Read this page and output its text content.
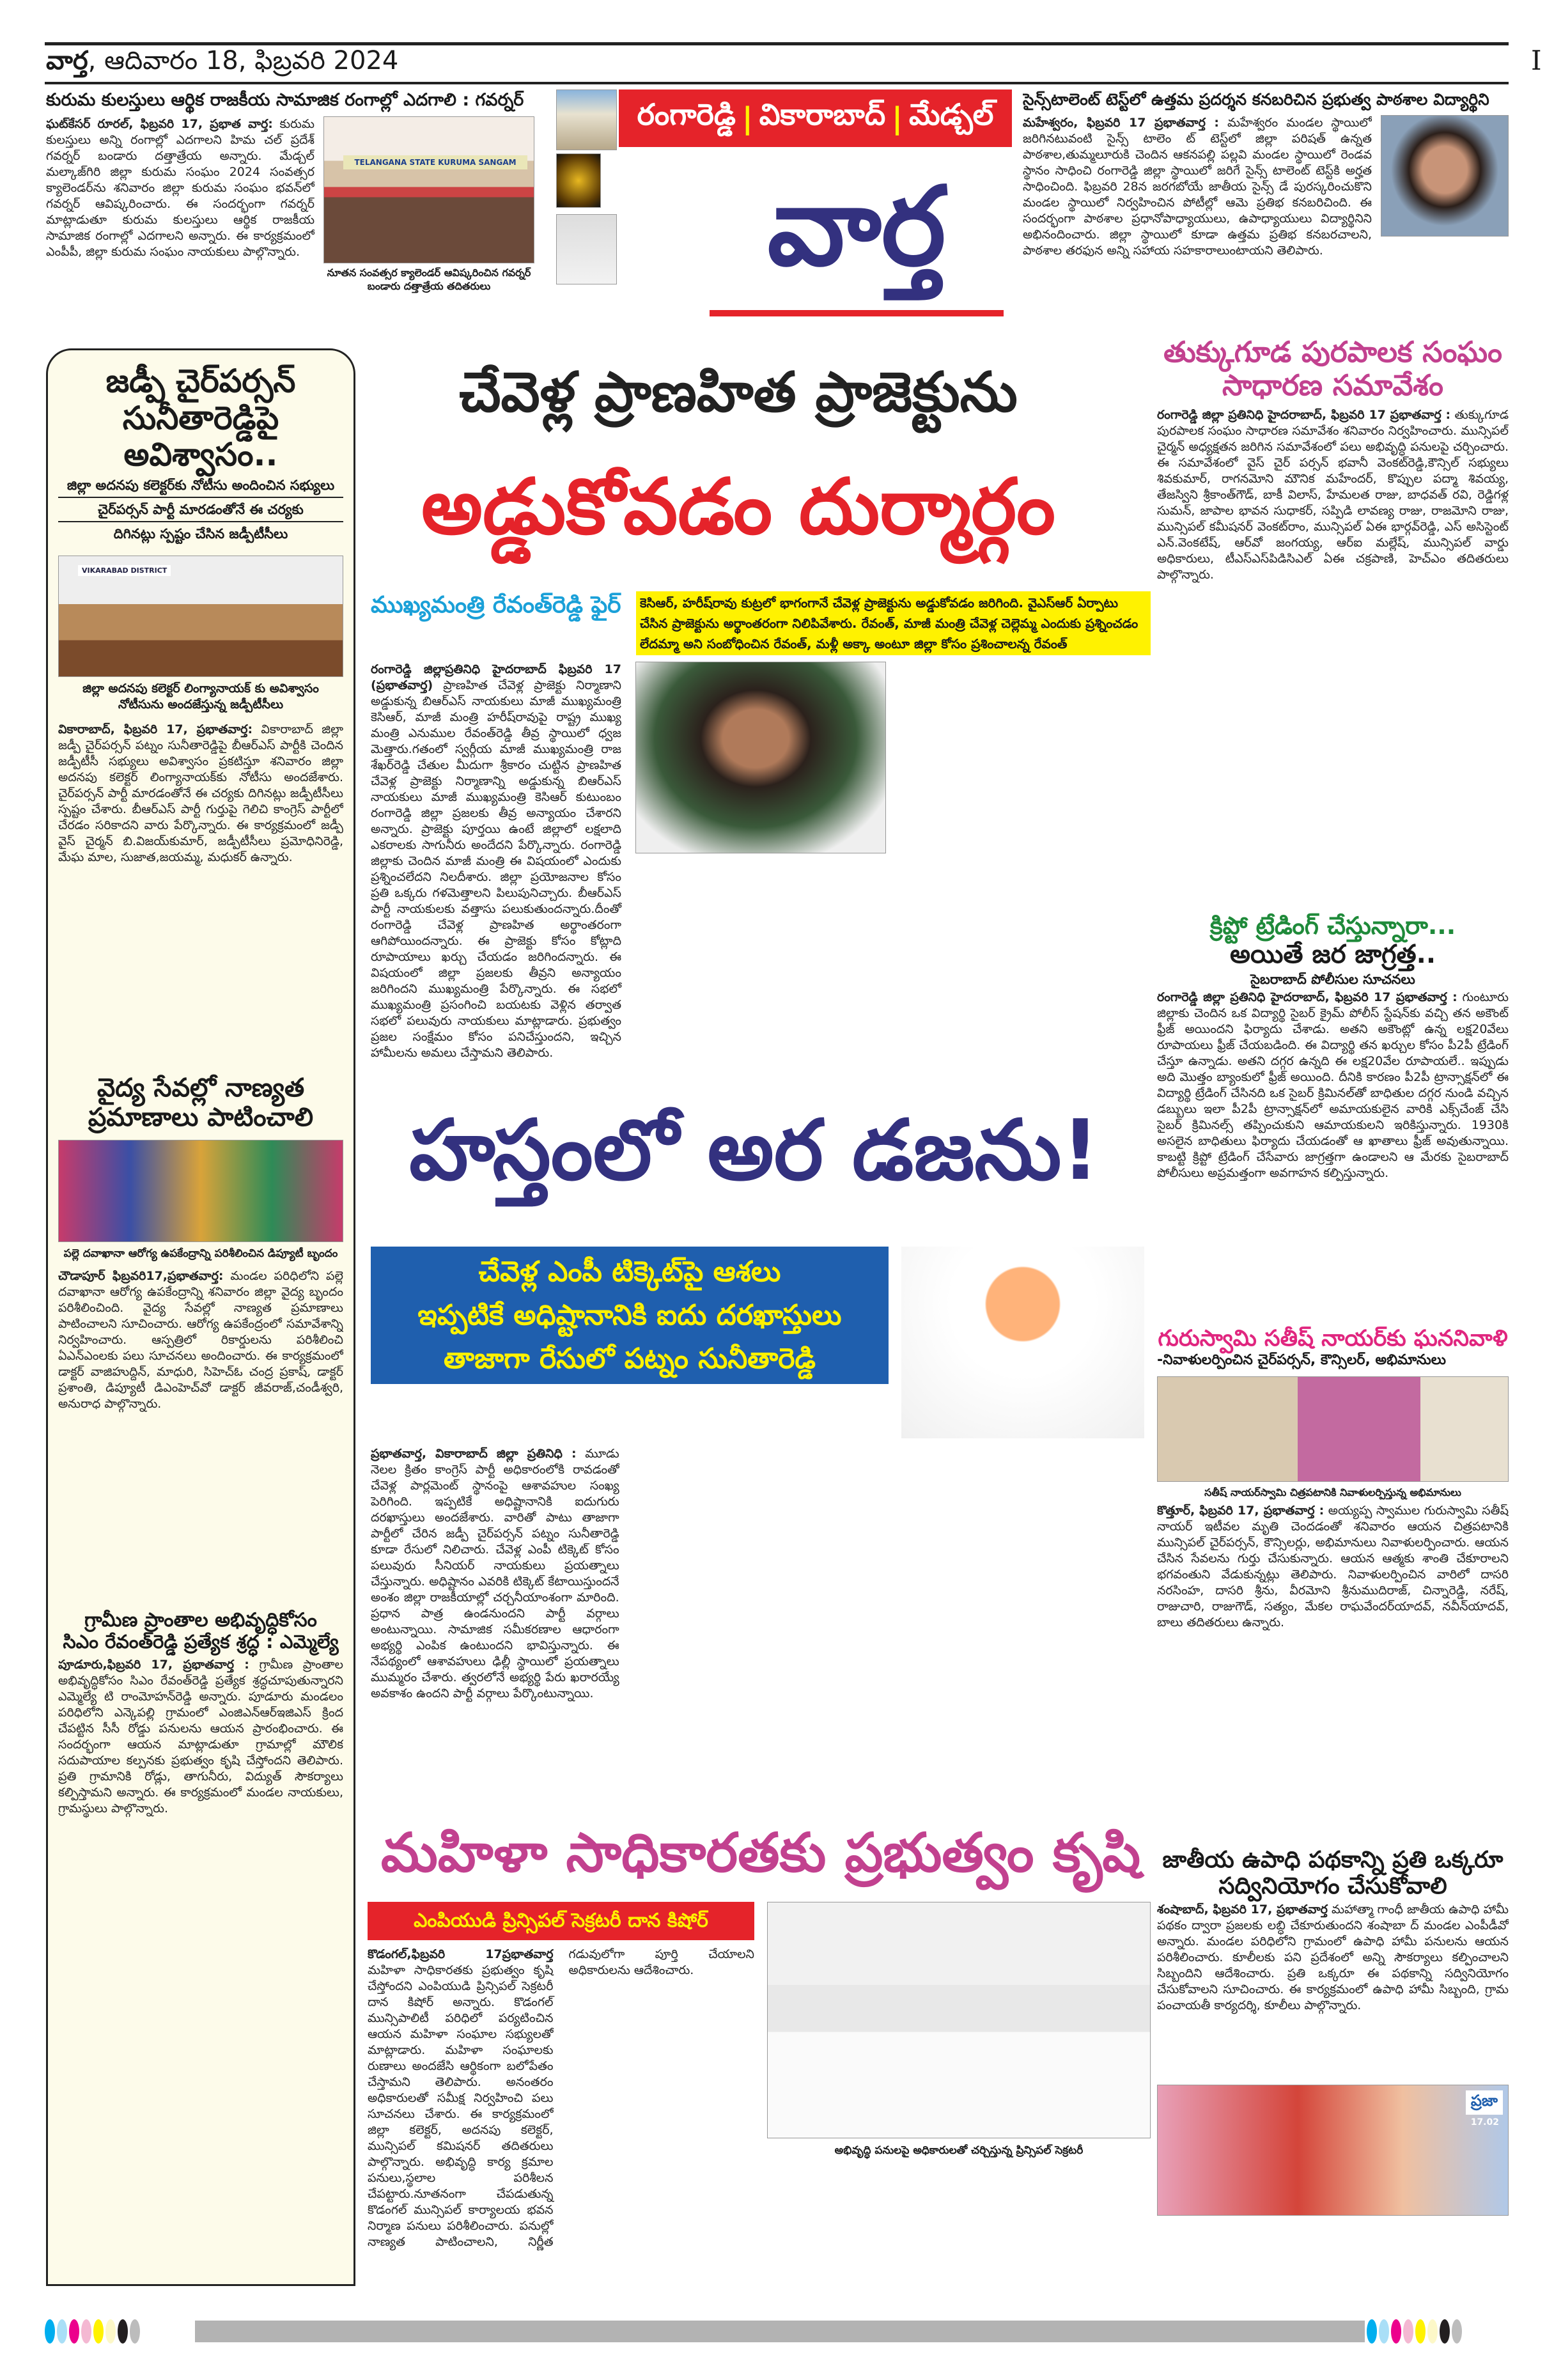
వార్త, ఆదివారం 18, ఫిబ్రవరి 2024	I
కురుమ కులస్తులు ఆర్థిక రాజకీయ సామాజిక రంగాల్లో ఎదగాలి : గవర్నర్
ఘట్‌కేసర్ రూరల్, ఫిబ్రవరి 17, ప్రభాత వార్త: కురుమ కులస్తులు అన్ని రంగాల్లో ఎదగాలని హిమ చల్ ప్రదేశ్ గవర్నర్ బండారు దత్తాత్రేయ అన్నారు. మేడ్చల్ మల్కాజ్‌గిరి జిల్లా కురుమ సంఘం 2024 సంవత్సర క్యాలెండర్‌ను శనివారం జిల్లా కురుమ సంఘం భవన్‌లో గవర్నర్ ఆవిష్కరించారు. ఈ సందర్భంగా గవర్నర్ మాట్లాడుతూ కురుమ కులస్తులు ఆర్థిక రాజకీయ సామాజిక రంగాల్లో ఎదగాలని అన్నారు. ఈ కార్యక్రమంలో ఎంపీపీ, జిల్లా కురుమ సంఘం నాయకులు పాల్గొన్నారు.
TELANGANA STATE KURUMA SANGAM
నూతన సంవత్సర క్యాలెండర్ ఆవిష్కరించిన గవర్నర్ బండారు దత్తాత్రేయ తదితరులు
రంగారెడ్డి | వికారాబాద్ | మేడ్చల్
వార్త
సైన్స్‌టాలెంట్ టెస్ట్‌లో ఉత్తమ ప్రదర్శన కనబరిచిన ప్రభుత్వ పాఠశాల విద్యార్థిని
మహేశ్వరం, ఫిబ్రవరి 17 ప్రభాతవార్త : మహేశ్వరం మండల స్థాయిలో జరిగినటువంటి సైన్స్ టాలెం ట్ టెస్ట్‌లో జిల్లా పరిషత్ ఉన్నత పాఠశాల,తుమ్మలూరుకి చెందిన ఆకనపల్లి పల్లవి మండల స్థాయిలో రెండవ స్థానం సాధించి రంగారెడ్డి జిల్లా స్థాయిలో జరిగే సైన్స్ టాలెంట్ టెస్ట్‌కి అర్హత సాధించింది. ఫిబ్రవరి 28న జరగబోయే జాతీయ సైన్స్ డే పురస్కరించుకొని మండల స్థాయిలో నిర్వహించిన పోటీల్లో ఆమె ప్రతిభ కనబరిచింది. ఈ సందర్భంగా పాఠశాల ప్రధానోపాధ్యాయులు, ఉపాధ్యాయులు విద్యార్థినిని అభినందించారు. జిల్లా స్థాయిలో కూడా ఉత్తమ ప్రతిభ కనబరచాలని, పాఠశాల తరఫున అన్ని సహాయ సహకారాలుంటాయని తెలిపారు.
జడ్పీ చైర్‌పర్సన్ సునీతారెడ్డిపై అవిశ్వాసం..
జిల్లా అదనపు కలెక్టర్‌కు నోటీసు అందించిన సభ్యులు
చైర్‌పర్సన్ పార్టీ మారడంతోనే ఈ చర్యకు
దిగినట్లు స్పష్టం చేసిన జడ్పీటీసీలు
VIKARABAD DISTRICT
జిల్లా అదనపు కలెక్టర్ లింగ్యానాయక్ కు అవిశ్వాసం నోటీసును అందజేస్తున్న జడ్పీటీసీలు
వికారాబాద్, ఫిబ్రవరి 17, ప్రభాతవార్త: వికారాబాద్ జిల్లా జడ్పీ చైర్‌పర్సన్ పట్నం సునీతారెడ్డిపై బీఆర్ఎస్ పార్టీకి చెందిన జడ్పీటీసీ సభ్యులు అవిశ్వాసం ప్రకటిస్తూ శనివారం జిల్లా అదనపు కలెక్టర్ లింగ్యానాయక్‌కు నోటీసు అందజేశారు. చైర్‌పర్సన్ పార్టీ మారడంతోనే ఈ చర్యకు దిగినట్లు జడ్పీటీసీలు స్పష్టం చేశారు. బీఆర్ఎస్ పార్టీ గుర్తుపై గెలిచి కాంగ్రెస్ పార్టీలో చేరడం సరికాదని వారు పేర్కొన్నారు. ఈ కార్యక్రమంలో జడ్పీ వైస్ చైర్మన్ బి.విజయ్‌కుమార్, జడ్పీటీసీలు ప్రమోధినిరెడ్డి, మేఘ మాల, సుజాత,జయమ్మ, మధుకర్ ఉన్నారు.
వైద్య సేవల్లో నాణ్యత ప్రమాణాలు పాటించాలి
పల్లె దవాఖానా ఆరోగ్య ఉపకేంద్రాన్ని పరిశీలించిన డిప్యూటీ బృందం
చౌడాపూర్ ఫిబ్రవరి17,ప్రభాతవార్త: మండల పరిధిలోని పల్లె దవాఖానా ఆరోగ్య ఉపకేంద్రాన్ని శనివారం జిల్లా వైద్య బృందం పరిశీలించింది. వైద్య సేవల్లో నాణ్యత ప్రమాణాలు పాటించాలని సూచించారు. ఆరోగ్య ఉపకేంద్రంలో సమావేశాన్ని నిర్వహించారు. ఆస్పత్రిలో రికార్డులను పరిశీలించి ఏఎన్ఎంలకు పలు సూచనలు అందించారు. ఈ కార్యక్రమంలో డాక్టర్ వాజిహుద్దిన్, మాధురి, సిహెచ్ఓ చంద్ర ప్రకాష్, డాక్టర్ ప్రశాంతి, డిప్యూటీ డిఎంహెచ్‌వో డాక్టర్ జీవరాజ్,చండీశ్వరి, అనురాధ పాల్గొన్నారు.
గ్రామీణ ప్రాంతాల అభివృద్ధికోసం
సిఎం రేవంత్‌రెడ్డి ప్రత్యేక శ్రద్ధ : ఎమ్మెల్యే
పూడూరు,ఫిబ్రవరి 17, ప్రభాతవార్త : గ్రామీణ ప్రాంతాల అభివృద్ధికోసం సిఎం రేవంత్‌రెడ్డి ప్రత్యేక శ్రద్ధచూపుతున్నారని ఎమ్మెల్యే టి రాంమోహన్‌రెడ్డి అన్నారు. పూడూరు మండలం పరిధిలోని ఎన్కెపల్లి గ్రామంలో ఎంజిఎన్ఆర్ఇజిఎస్ క్రింద చేపట్టిన సీసీ రోడ్డు పనులను ఆయన ప్రారంభించారు. ఈ సందర్భంగా ఆయన మాట్లాడుతూ గ్రామాల్లో మౌలిక సదుపాయాల కల్పనకు ప్రభుత్వం కృషి చేస్తోందని తెలిపారు. ప్రతి గ్రామానికి రోడ్లు, తాగునీరు, విద్యుత్ సౌకర్యాలు కల్పిస్తామని అన్నారు. ఈ కార్యక్రమంలో మండల నాయకులు, గ్రామస్థులు పాల్గొన్నారు.
చేవెళ్ల ప్రాణహిత ప్రాజెక్టును
అడ్డుకోవడం దుర్మార్గం
ముఖ్యమంత్రి రేవంత్‌రెడ్డి ఫైర్	కెసిఆర్, హరీష్‌రావు కుట్రలో భాగంగానే చేవెళ్ల ప్రాజెక్టును అడ్డుకోవడం జరిగింది. వైఎస్ఆర్ ఏర్పాటు చేసిన ప్రాజెక్టును అర్థాంతరంగా నిలిపివేశారు. రేవంత్, మాజీ మంత్రి చేవెళ్ల చెల్లెమ్మ ఎందుకు ప్రశ్నించడం లేదమ్మా అని సంబోధించిన రేవంత్, మళ్లీ అక్కా అంటూ జిల్లా కోసం ప్రశించాలన్న రేవంత్
రంగారెడ్డి జిల్లాప్రతినిధి హైదరాబాద్ ఫిబ్రవరి 17 (ప్రభాతవార్త) ప్రాణహిత చేవెళ్ల ప్రాజెక్టు నిర్మాణాని అడ్డుకున్న బిఆర్ఎస్ నాయకులు మాజీ ముఖ్యమంత్రి కెసిఆర్, మాజీ మంత్రి హరీష్‌రావుపై రాష్ట్ర ముఖ్య మంత్రి ఎనుముల రేవంత్‌రెడ్డి తీవ్ర స్థాయిలో ధ్వజ మెత్తారు.గతంలో స్వర్గీయ మాజీ ముఖ్యమంత్రి రాజ శేఖర్‌రెడ్డి చేతుల మీదుగా శ్రీకారం చుట్టిన ప్రాణహిత చేవెళ్ల ప్రాజెక్టు నిర్మాణాన్ని అడ్డుకున్న బిఆర్ఎస్ నాయకులు మాజీ ముఖ్యమంత్రి కెసిఆర్ కుటుంబం రంగారెడ్డి జిల్లా ప్రజలకు తీవ్ర అన్యాయం చేశారని అన్నారు. ప్రాజెక్టు పూర్తయి ఉంటే జిల్లాలో లక్షలాది ఎకరాలకు సాగునీరు అందేదని పేర్కొన్నారు. రంగారెడ్డి జిల్లాకు చెందిన మాజీ మంత్రి ఈ విషయంలో ఎందుకు ప్రశ్నించలేదని నిలదీశారు. జిల్లా ప్రయోజనాల కోసం ప్రతి ఒక్కరు గళమెత్తాలని పిలుపునిచ్చారు. బీఆర్ఎస్ పార్టీ నాయకులకు వత్తాసు పలుకుతుందన్నారు.దీంతో రంగారెడ్డి చేవెళ్ల ప్రాణహిత అర్థాంతరంగా ఆగిపోయిందన్నారు. ఈ ప్రాజెక్టు కోసం కోట్లాది రూపాయాలు ఖర్చు చేయడం జరిగిందన్నారు. ఈ విషయంలో జిల్లా ప్రజలకు తీవ్రని అన్యాయం జరిగిందని ముఖ్యమంత్రి పేర్కొన్నారు. ఈ సభలో ముఖ్యమంత్రి ప్రసంగించి బయటకు వెళ్లిన తర్వాత సభలో పలువురు నాయకులు మాట్లాడారు. ప్రభుత్వం ప్రజల సంక్షేమం కోసం పనిచేస్తుందని, ఇచ్చిన హామీలను అమలు చేస్తామని తెలిపారు.
హస్తంలో అర డజను!
చేవెళ్ల ఎంపీ టిక్కెట్‌పై ఆశలు
ఇప్పటికే అధిష్టానానికి ఐదు దరఖాస్తులు
తాజాగా రేసులో పట్నం సునీతారెడ్డి
ప్రభాతవార్త, వికారాబాద్ జిల్లా ప్రతినిధి : మూడు నెలల క్రితం కాంగ్రెస్ పార్టీ అధికారంలోకి రావడంతో చేవెళ్ల పార్లమెంట్ స్థానంపై ఆశావహుల సంఖ్య పెరిగింది. ఇప్పటికే అధిష్టానానికి ఐదుగురు దరఖాస్తులు అందజేశారు. వారితో పాటు తాజాగా పార్టీలో చేరిన జడ్పీ చైర్‌పర్సన్ పట్నం సునీతారెడ్డి కూడా రేసులో నిలిచారు. చేవెళ్ల ఎంపీ టిక్కెట్ కోసం పలువురు సీనియర్ నాయకులు ప్రయత్నాలు చేస్తున్నారు. అధిష్టానం ఎవరికి టిక్కెట్ కేటాయిస్తుందనే అంశం జిల్లా రాజకీయాల్లో చర్చనీయాంశంగా మారింది. ప్రధాన పాత్ర ఉండనుందని పార్టీ వర్గాలు అంటున్నాయి. సామాజిక సమీకరణాల ఆధారంగా అభ్యర్థి ఎంపిక ఉంటుందని భావిస్తున్నారు. ఈ నేపథ్యంలో ఆశావహులు ఢిల్లీ స్థాయిలో ప్రయత్నాలు ముమ్మరం చేశారు. త్వరలోనే అభ్యర్థి పేరు ఖరారయ్యే అవకాశం ఉందని పార్టీ వర్గాలు పేర్కొంటున్నాయి.
మహిళా సాధికారతకు ప్రభుత్వం కృషి
ఎంపియుడి ప్రిన్సిపల్ సెక్రటరీ దాన కిషోర్
అభివృద్ధి పనులపై అధికారులతో చర్చిస్తున్న ప్రిన్సిపల్ సెక్రటరీ
కొడంగల్,ఫిబ్రవరి 17ప్రభాతవార్త మహిళా సాధికారతకు ప్రభుత్వం కృషి చేస్తోందని ఎంపియుడి ప్రిన్సిపల్ సెక్రటరీ దాన కిషోర్ అన్నారు. కొడంగల్ మున్సిపాలిటీ పరిధిలో పర్యటించిన ఆయన మహిళా సంఘాల సభ్యులతో మాట్లాడారు. మహిళా సంఘాలకు రుణాలు అందజేసి ఆర్థికంగా బలోపేతం చేస్తామని తెలిపారు. అనంతరం అధికారులతో సమీక్ష నిర్వహించి పలు సూచనలు చేశారు. ఈ కార్యక్రమంలో జిల్లా కలెక్టర్, అదనపు కలెక్టర్, మున్సిపల్ కమిషనర్ తదితరులు పాల్గొన్నారు. అభివృద్ధి కార్య క్రమాల పనులు,స్థలాల పరిశీలన చేపట్టారు.నూతనంగా చేపడుతున్న కొడంగల్ మున్సిపల్ కార్యాలయ భవన నిర్మాణ పనులు పరిశీలించారు. పనుల్లో నాణ్యత పాటించాలని, నిర్ణీత గడువులోగా పూర్తి చేయాలని అధికారులను ఆదేశించారు.
తుక్కుగూడ పురపాలక సంఘం సాధారణ సమావేశం
రంగారెడ్డి జిల్లా ప్రతినిధి హైదరాబాద్, ఫిబ్రవరి 17 ప్రభాతవార్త : తుక్కుగూడ పురపాలక సంఘం సాధారణ సమావేశం శనివారం నిర్వహించారు. మున్సిపల్ చైర్మన్ అధ్యక్షతన జరిగిన సమావేశంలో పలు అభివృద్ధి పనులపై చర్చించారు. ఈ సమావేశంలో వైస్ చైర్ పర్సన్ భవానీ వెంకట్‌రెడ్డి,కౌన్సిల్ సభ్యులు శివకుమార్, రాగనమోని మౌనిక మహేందర్, కొప్పుల పద్మా శివయ్య, తేజస్విని శ్రీకాంత్‌గౌడ్, బాకీ విలాస్, హేమలత రాజు, బాధవత్ రవి, రెడ్డిగళ్ల సుమన్, జాపాల భావన సుధాకర్, సప్పిడి లావణ్య రాజు, రాజమోని రాజు, మున్సిపల్ కమీషనర్ వెంకట్‌రాం, మున్సిపల్ ఏఈ భార్గవ్‌రెడ్డి, ఎస్ అసిస్టెంట్ ఎన్.వెంకటేష్, ఆర్‌వో జంగయ్య, ఆర్ఐ మల్లేష్, మున్సిపల్ వార్డు అధికారులు, టీఎస్ఎస్‌పిడిసిఎల్ ఏఈ చక్రపాణి, హెచ్ఎం తదితరులు పాల్గొన్నారు.
క్రిప్టో ట్రేడింగ్ చేస్తున్నారా...
అయితే జర జాగ్రత్త..
సైబరాబాద్ పోలీసుల సూచనలు
రంగారెడ్డి జిల్లా ప్రతినిధి హైదరాబాద్, ఫిబ్రవరి 17 ప్రభాతవార్త : గుంటూరు జిల్లాకు చెందిన ఒక విద్యార్థి సైబర్ క్రైమ్ పోలీస్ స్టేషన్‌కు వచ్చి తన అకౌంట్ ఫ్రీజ్ అయిందని ఫిర్యాదు చేశాడు. అతని అకౌంట్లో ఉన్న లక్ష20వేలు రూపాయలు ఫ్రీజ్ చేయబడింది. ఈ విద్యార్థి తన ఖర్చుల కోసం పీ2పీ ట్రేడింగ్ చేస్తూ ఉన్నాడు. అతని దగ్గర ఉన్నది ఈ లక్ష20వేల రూపాయలే.. ఇప్పుడు అది మొత్తం బ్యాంకులో ఫ్రీజ్ అయింది. దీనికి కారణం పీ2పీ ట్రాన్సాక్షన్‌లో ఈ విద్యార్థి ట్రేడింగ్ చేసినది ఒక సైబర్ క్రిమినల్‌తో బాధితుల దగ్గర నుండి వచ్చిన డబ్బులు ఇలా పీ2పీ ట్రాన్సాక్షన్‌లో అమాయకులైన వారికి ఎక్స్‌చేంజ్ చేసి సైబర్ క్రిమినల్స్ తప్పించుకుని ఆమాయకులని ఇరికిస్తున్నారు. 1930కి అసలైన బాధితులు ఫిర్యాదు చేయడంతో ఆ ఖాతాలు ఫ్రీజ్ అవుతున్నాయి. కాబట్టి క్రిప్టో ట్రేడింగ్ చేసేవారు జాగ్రత్తగా ఉండాలని ఆ మేరకు సైబరాబాద్ పోలీసులు అప్రమత్తంగా అవగాహన కల్పిస్తున్నారు.
గురుస్వామి సతీష్ నాయర్‌కు ఘననివాళి
-నివాళులర్పించిన చైర్‌పర్సన్, కౌన్సిలర్, అభిమానులు
సతీష్ నాయర్‌స్వామి చిత్రపటానికి నివాళులర్పిస్తున్న అభిమానులు
కొత్తూర్, ఫిబ్రవరి 17, ప్రభాతవార్త : అయ్యప్ప స్వాముల గురుస్వామి సతీష్ నాయర్ ఇటీవల మృతి చెందడంతో శనివారం ఆయన చిత్రపటానికి మున్సిపల్ చైర్‌పర్సన్, కౌన్సిలర్లు, అభిమానులు నివాళులర్పించారు. ఆయన చేసిన సేవలను గుర్తు చేసుకున్నారు. ఆయన ఆత్మకు శాంతి చేకూరాలని భగవంతుని వేడుకున్నట్లు తెలిపారు. నివాళులర్పించిన వారిలో దాసరి నరసింహ, దాసరి శ్రీను, వీరమోని శ్రీనుముదిరాజ్, చిన్నారెడ్డి, నరేష్, రాజుచారి, రాజుగౌడ్, సత్యం, మేకల రాఘవేందర్‌యాదవ్, నవీన్‌యాదవ్, బాలు తదితరులు ఉన్నారు.
జాతీయ ఉపాధి పథకాన్ని ప్రతి ఒక్కరూ సద్వినియోగం చేసుకోవాలి
శంషాబాద్, ఫిబ్రవరి 17, ప్రభాతవార్త మహాత్మా గాంధీ జాతీయ ఉపాధి హామీ పథకం ద్వారా ప్రజలకు లబ్ధి చేకూరుతుందని శంషాబా ద్ మండల ఎంపీడీవో అన్నారు. మండల పరిధిలోని గ్రామంలో ఉపాధి హామీ పనులను ఆయన పరిశీలించారు. కూలీలకు పని ప్రదేశంలో అన్ని సౌకర్యాలు కల్పించాలని సిబ్బందిని ఆదేశించారు. ప్రతి ఒక్కరూ ఈ పథకాన్ని సద్వినియోగం చేసుకోవాలని సూచించారు. ఈ కార్యక్రమంలో ఉపాధి హామీ సిబ్బంది, గ్రామ పంచాయతీ కార్యదర్శి, కూలీలు పాల్గొన్నారు.
ప్రజా
17.02
